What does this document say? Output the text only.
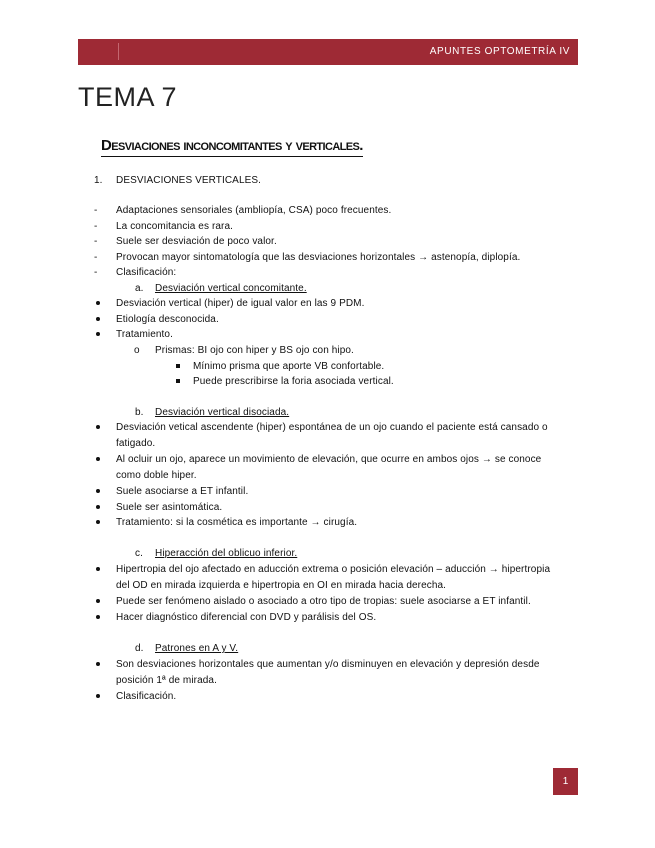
APUNTES OPTOMETRÍA IV
TEMA 7
Desviaciones inconcomitantes y verticales.
1. DESVIACIONES VERTICALES.
- Adaptaciones sensoriales (ambliopía, CSA) poco frecuentes.
- La concomitancia es rara.
- Suele ser desviación de poco valor.
- Provocan mayor sintomatología que las desviaciones horizontales → astenopía, diplopía.
- Clasificación:
a. Desviación vertical concomitante.
Desviación vertical (hiper) de igual valor en las 9 PDM.
Etiología desconocida.
Tratamiento.
o Prismas: BI ojo con hiper y BS ojo con hipo.
Mínimo prisma que aporte VB confortable.
Puede prescribirse la foria asociada vertical.
b. Desviación vertical disociada.
Desviación vetical ascendente (hiper) espontánea de un ojo cuando el paciente está cansado o
fatigado.
Al ocluir un ojo, aparece un movimiento de elevación, que ocurre en ambos ojos → se conoce
como doble hiper.
Suele asociarse a ET infantil.
Suele ser asintomática.
Tratamiento: si la cosmética es importante → cirugía.
c. Hiperacción del oblicuo inferior.
Hipertropia del ojo afectado en aducción extrema o posición elevación – aducción → hipertropia
del OD en mirada izquierda e hipertropia en OI en mirada hacia derecha.
Puede ser fenómeno aislado o asociado a otro tipo de tropias: suele asociarse a ET infantil.
Hacer diagnóstico diferencial con DVD y parálisis del OS.
d. Patrones en A y V.
Son desviaciones horizontales que aumentan y/o disminuyen en elevación y depresión desde
posición 1ª de mirada.
Clasificación.
1
